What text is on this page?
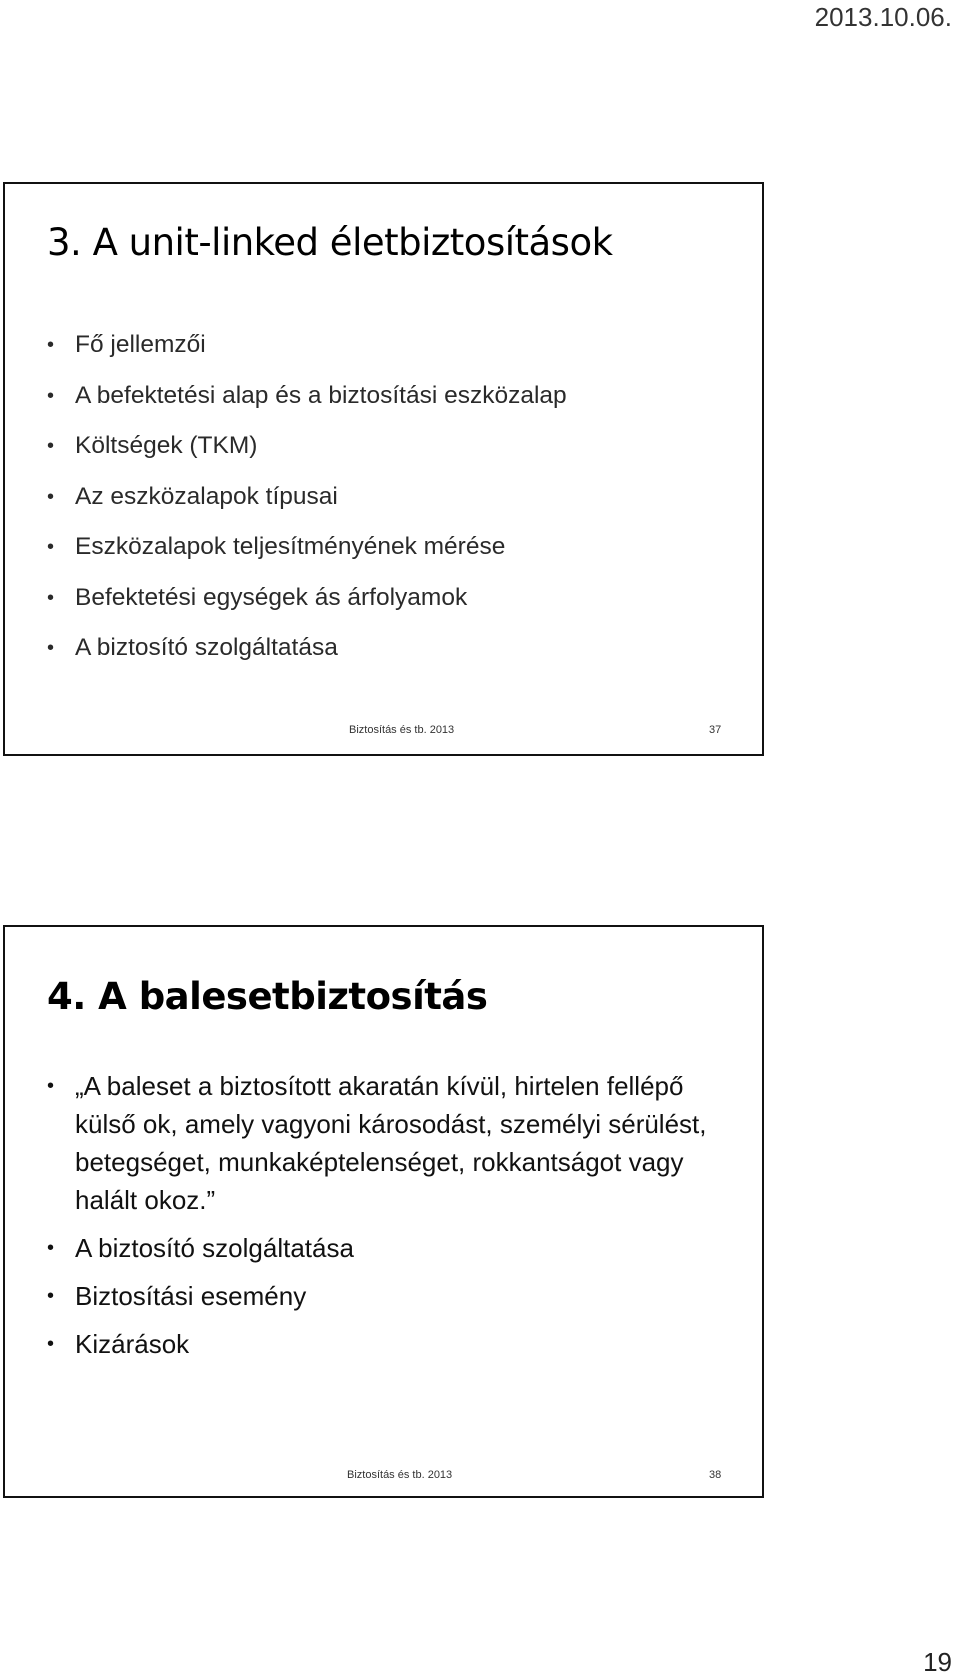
2013.10.06.
3. A unit-linked életbiztosítások
• Fő jellemzői
• A befektetési alap és a biztosítási eszközalap
• Költségek (TKM)
• Az eszközalapok típusai
• Eszközalapok teljesítményének mérése
• Befektetési egységek ás árfolyamok
• A biztosító szolgáltatása
Biztosítás és tb. 2013	37
4. A balesetbiztosítás
• „A baleset a biztosított akaratán kívül, hirtelen fellépő külső ok, amely vagyoni károsodást, személyi sérülést, betegséget, munkaképtelenséget, rokkantságot vagy halált okoz.”
• A biztosító szolgáltatása
• Biztosítási esemény
• Kizárások
Biztosítás és tb. 2013	38
19
